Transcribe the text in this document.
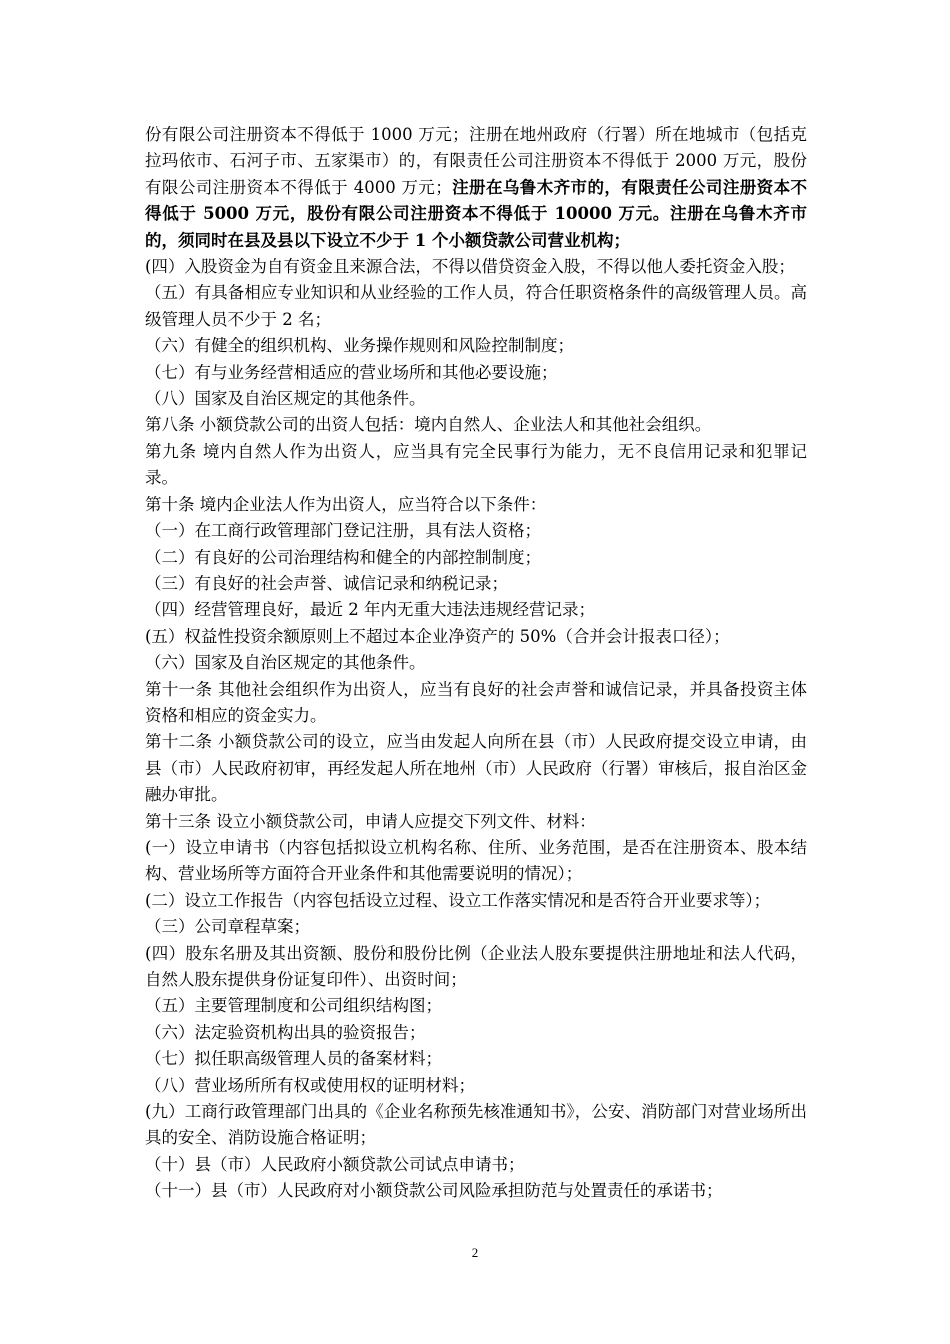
份有限公司注册资本不得低于 1000 万元；注册在地州政府（行署）所在地城市（包括克拉玛依市、石河子市、五家渠市）的，有限责任公司注册资本不得低于 2000 万元，股份有限公司注册资本不得低于 4000 万元；注册在乌鲁木齐市的，有限责任公司注册资本不得低于 5000 万元，股份有限公司注册资本不得低于 10000 万元。注册在乌鲁木齐市的，须同时在县及县以下设立不少于 1 个小额贷款公司营业机构；

(四）入股资金为自有资金且来源合法，不得以借贷资金入股，不得以他人委托资金入股；

（五）有具备相应专业知识和从业经验的工作人员，符合任职资格条件的高级管理人员。高级管理人员不少于 2 名；

（六）有健全的组织机构、业务操作规则和风险控制制度；

（七）有与业务经营相适应的营业场所和其他必要设施；

（八）国家及自治区规定的其他条件。

第八条 小额贷款公司的出资人包括：境内自然人、企业法人和其他社会组织。

第九条 境内自然人作为出资人，应当具有完全民事行为能力，无不良信用记录和犯罪记录。

第十条 境内企业法人作为出资人，应当符合以下条件：

（一）在工商行政管理部门登记注册，具有法人资格；

（二）有良好的公司治理结构和健全的内部控制制度；

（三）有良好的社会声誉、诚信记录和纳税记录；

（四）经营管理良好，最近 2 年内无重大违法违规经营记录；

(五）权益性投资余额原则上不超过本企业净资产的 50%（合并会计报表口径）；

（六）国家及自治区规定的其他条件。

第十一条 其他社会组织作为出资人，应当有良好的社会声誉和诚信记录，并具备投资主体资格和相应的资金实力。

第十二条 小额贷款公司的设立，应当由发起人向所在县（市）人民政府提交设立申请，由县（市）人民政府初审，再经发起人所在地州（市）人民政府（行署）审核后，报自治区金融办审批。

第十三条 设立小额贷款公司，申请人应提交下列文件、材料：

(一）设立申请书（内容包括拟设立机构名称、住所、业务范围，是否在注册资本、股本结构、营业场所等方面符合开业条件和其他需要说明的情况）；

(二）设立工作报告（内容包括设立过程、设立工作落实情况和是否符合开业要求等）；

（三）公司章程草案；

(四）股东名册及其出资额、股份和股份比例（企业法人股东要提供注册地址和法人代码，自然人股东提供身份证复印件）、出资时间；

（五）主要管理制度和公司组织结构图；

（六）法定验资机构出具的验资报告；

（七）拟任职高级管理人员的备案材料；

（八）营业场所所有权或使用权的证明材料；

(九）工商行政管理部门出具的《企业名称预先核准通知书》，公安、消防部门对营业场所出具的安全、消防设施合格证明；

（十）县（市）人民政府小额贷款公司试点申请书；

（十一）县（市）人民政府对小额贷款公司风险承担防范与处置责任的承诺书；

2
